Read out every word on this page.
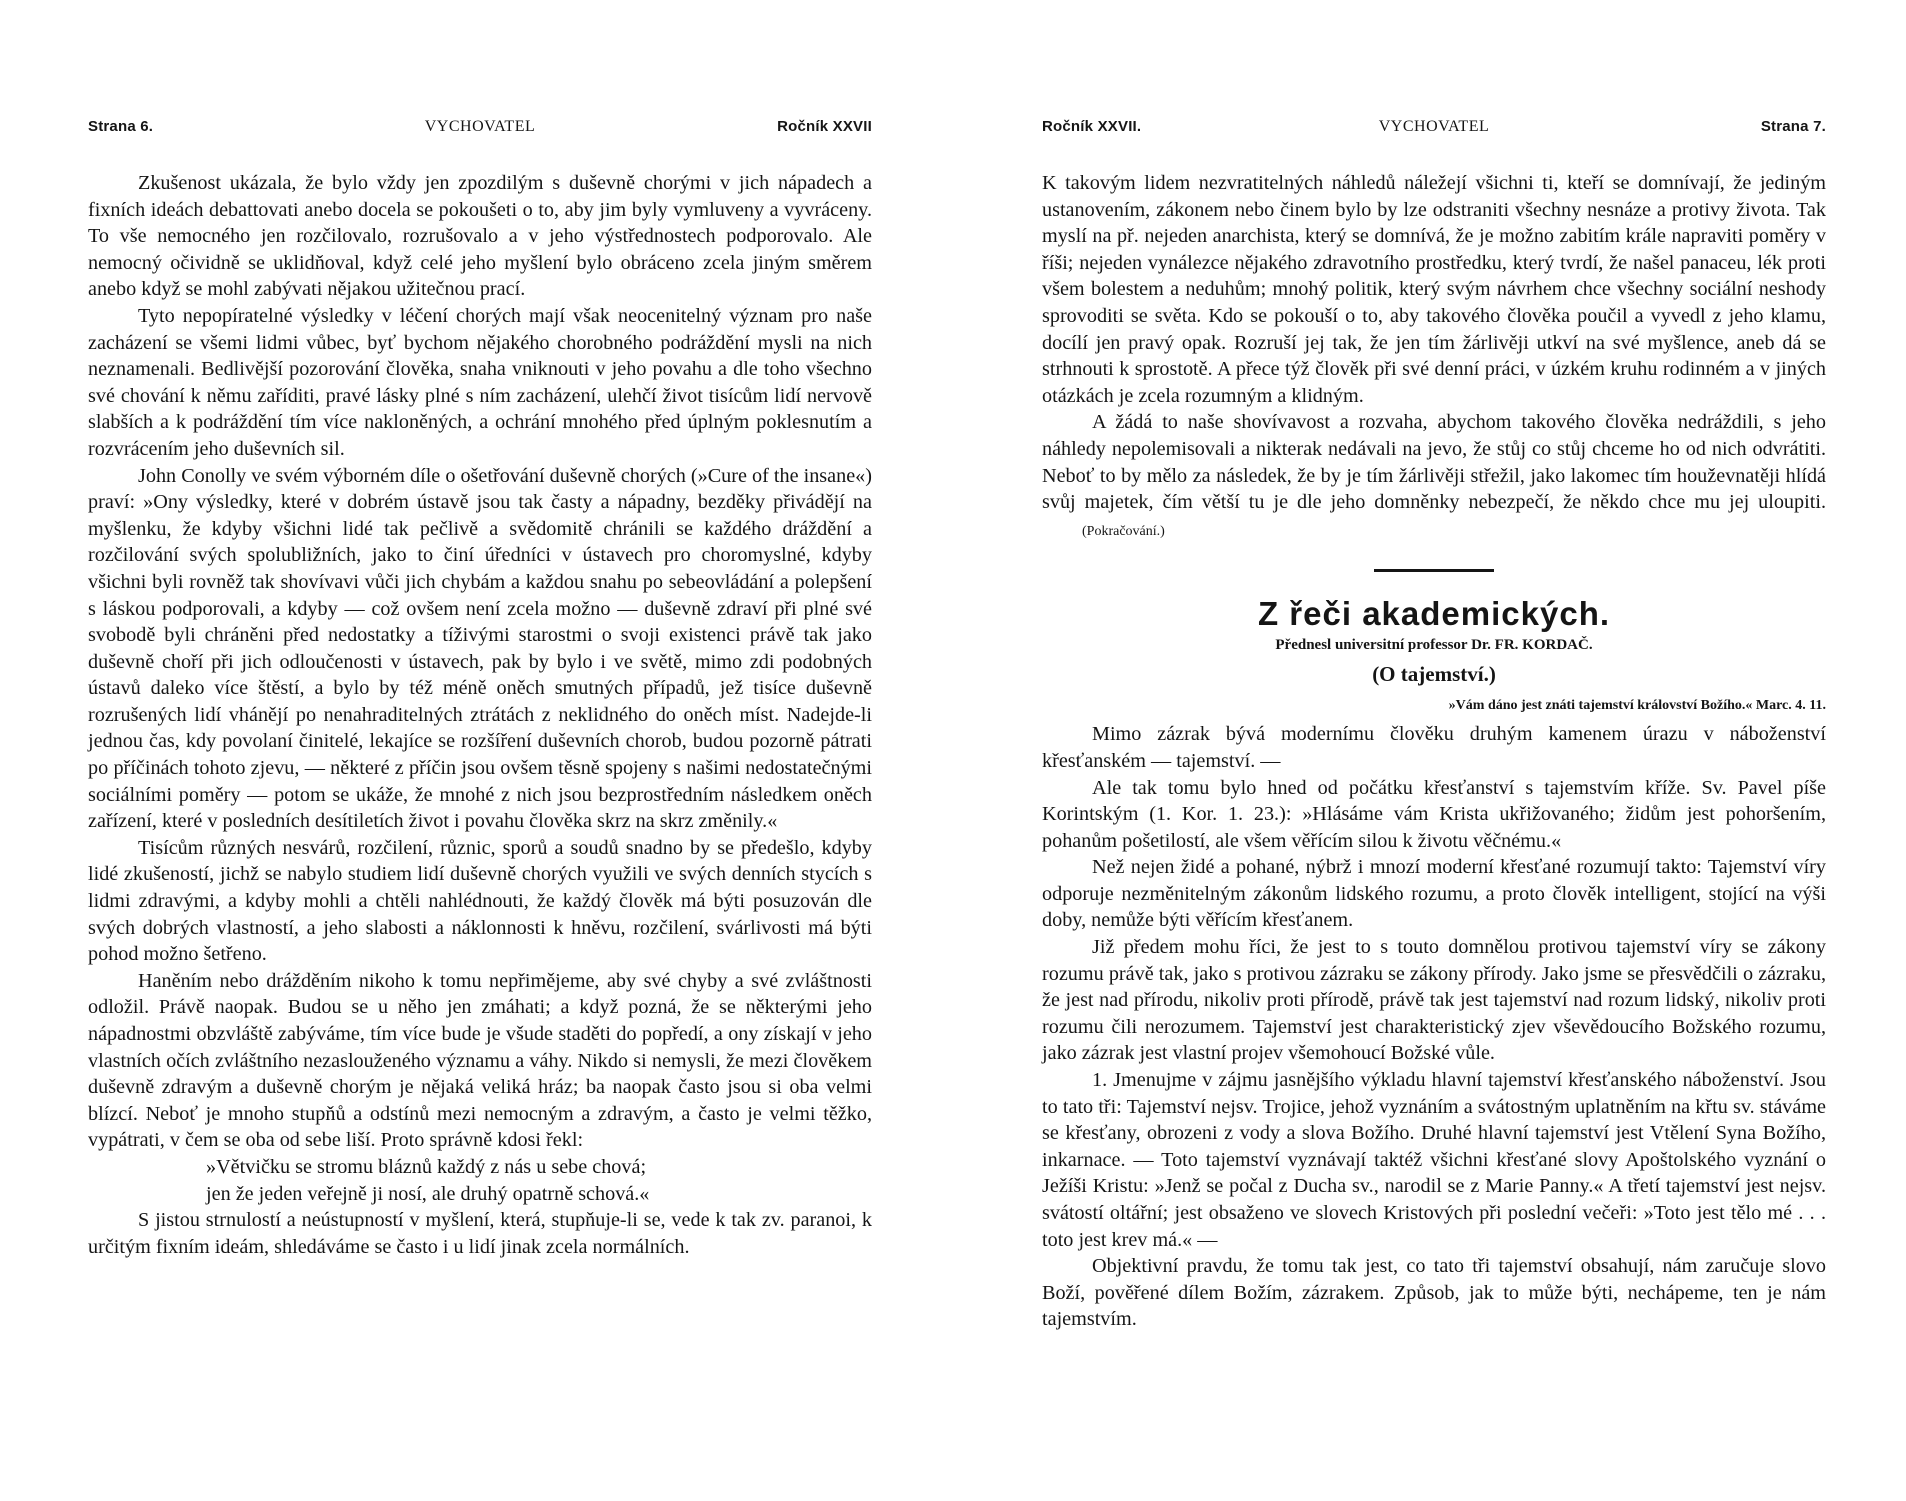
Strana 6.	VYCHOVATEL	Ročník XXVII

Zkušenost ukázala, že bylo vždy jen zpozdilým s duševně chorými v jich nápadech a fixních ideách debattovati anebo docela se pokoušeti o to, aby jim byly vymluveny a vyvráceny. To vše nemocného jen rozčilovalo, rozrušovalo a v jeho výstřednostech podporovalo. Ale nemocný očividně se uklidňoval, když celé jeho myšlení bylo obráceno zcela jiným směrem anebo když se mohl zabývati nějakou užitečnou prací.

Tyto nepopíratelné výsledky v léčení chorých mají však neocenitelný význam pro naše zacházení se všemi lidmi vůbec, byť bychom nějakého chorobného podráždění mysli na nich neznamenali. Bedlivější pozorování člověka, snaha vniknouti v jeho povahu a dle toho všechno své chování k němu zaříditi, pravé lásky plné s ním zacházení, ulehčí život tisícům lidí nervově slabších a k podráždění tím více nakloněných, a ochrání mnohého před úplným poklesnutím a rozvrácením jeho duševních sil.

John Conolly ve svém výborném díle o ošetřování duševně chorých (»Cure of the insane«) praví: »Ony výsledky, které v dobrém ústavě jsou tak časty a nápadny, bezděky přivádějí na myšlenku, že kdyby všichni lidé tak pečlivě a svědomitě chránili se každého dráždění a rozčilování svých spolubližních, jako to činí úředníci v ústavech pro choromyslné, kdyby všichni byli rovněž tak shovívavi vůči jich chybám a každou snahu po sebeovládání a polepšení s láskou podporovali, a kdyby — což ovšem není zcela možno — duševně zdraví při plné své svobodě byli chráněni před nedostatky a tíživými starostmi o svoji existenci právě tak jako duševně choří při jich odloučenosti v ústavech, pak by bylo i ve světě, mimo zdi podobných ústavů daleko více štěstí, a bylo by též méně oněch smutných případů, jež tisíce duševně rozrušených lidí vhánějí po nenahraditelných ztrátách z neklidného do oněch míst. Nadejde-li jednou čas, kdy povolaní činitelé, lekajíce se rozšíření duševních chorob, budou pozorně pátrati po příčinách tohoto zjevu, — některé z příčin jsou ovšem těsně spojeny s našimi nedostatečnými sociálními poměry — potom se ukáže, že mnohé z nich jsou bezprostředním následkem oněch zařízení, které v posledních desítiletích život i povahu člověka skrz na skrz změnily.«

Tisícům různých nesvárů, rozčilení, různic, sporů a soudů snadno by se předešlo, kdyby lidé zkušeností, jichž se nabylo studiem lidí duševně chorých využili ve svých denních stycích s lidmi zdravými, a kdyby mohli a chtěli nahlédnouti, že každý člověk má býti posuzován dle svých dobrých vlastností, a jeho slabosti a náklonnosti k hněvu, rozčilení, svárlivosti má býti pohod možno šetřeno.

Haněním nebo drážděním nikoho k tomu nepřimějeme, aby své chyby a své zvláštnosti odložil. Právě naopak. Budou se u něho jen zmáhati; a když pozná, že se některými jeho nápadnostmi obzvláště zabýváme, tím více bude je všude staděti do popředí, a ony získají v jeho vlastních očích zvláštního nezaslouženého významu a váhy. Nikdo si nemysli, že mezi člověkem duševně zdravým a duševně chorým je nějaká veliká hráz; ba naopak často jsou si oba velmi blízcí. Neboť je mnoho stupňů a odstínů mezi nemocným a zdravým, a často je velmi těžko, vypátrati, v čem se oba od sebe liší. Proto správně kdosi řekl:

»Větvičku se stromu bláznů každý z nás u sebe chová;
jen že jeden veřejně ji nosí, ale druhý opatrně schová.«

S jistou strnulostí a neústupností v myšlení, která, stupňuje-li se, vede k tak zv. paranoi, k určitým fixním ideám, shledáváme se často i u lidí jinak zcela normálních.

Ročník XXVII.	VYCHOVATEL	Strana 7.

K takovým lidem nezvratitelných náhledů náležejí všichni ti, kteří se domnívají, že jediným ustanovením, zákonem nebo činem bylo by lze odstraniti všechny nesnáze a protivy života. Tak myslí na př. nejeden anarchista, který se domnívá, že je možno zabitím krále napraviti poměry v říši; nejeden vynálezce nějakého zdravotního prostředku, který tvrdí, že našel panaceu, lék proti všem bolestem a neduhům; mnohý politik, který svým návrhem chce všechny sociální neshody sprovoditi se světa. Kdo se pokouší o to, aby takového člověka poučil a vyvedl z jeho klamu, docílí jen pravý opak. Rozruší jej tak, že jen tím žárlivěji utkví na své myšlence, aneb dá se strhnouti k sprostotě. A přece týž člověk při své denní práci, v úzkém kruhu rodinném a v jiných otázkách je zcela rozumným a klidným.

A žádá to naše shovívavost a rozvaha, abychom takového člověka nedráždili, s jeho náhledy nepolemisovali a nikterak nedávali na jevo, že stůj co stůj chceme ho od nich odvrátiti. Neboť to by mělo za následek, že by je tím žárlivěji střežil, jako lakomec tím houževnatěji hlídá svůj majetek, čím větší tu je dle jeho domněnky nebezpečí, že někdo chce mu jej uloupiti. (Pokračování.)

Z řeči akademických.
Přednesl universitní professor Dr. FR. KORDAČ.
(O tajemství.)
»Vám dáno jest znáti tajemství království Božího.« Marc. 4. 11.

Mimo zázrak bývá modernímu člověku druhým kamenem úrazu v náboženství křesťanském — tajemství. —

Ale tak tomu bylo hned od počátku křesťanství s tajemstvím kříže. Sv. Pavel píše Korintským (1. Kor. 1. 23.): »Hlásáme vám Krista ukřižovaného; židům jest pohoršením, pohanům pošetilostí, ale všem věřícím silou k životu věčnému.«

Než nejen židé a pohané, nýbrž i mnozí moderní křesťané rozumují takto: Tajemství víry odporuje nezměnitelným zákonům lidského rozumu, a proto člověk intelligent, stojící na výši doby, nemůže býti věřícím křesťanem.

Již předem mohu říci, že jest to s touto domnělou protivou tajemství víry se zákony rozumu právě tak, jako s protivou zázraku se zákony přírody. Jako jsme se přesvědčili o zázraku, že jest nad přírodu, nikoliv proti přírodě, právě tak jest tajemství nad rozum lidský, nikoliv proti rozumu čili nerozumem. Tajemství jest charakteristický zjev vševědoucího Božského rozumu, jako zázrak jest vlastní projev všemohoucí Božské vůle.

1. Jmenujme v zájmu jasnějšího výkladu hlavní tajemství křesťanského náboženství. Jsou to tato tři: Tajemství nejsv. Trojice, jehož vyznáním a svátostným uplatněním na křtu sv. stáváme se křesťany, obrozeni z vody a slova Božího. Druhé hlavní tajemství jest Vtělení Syna Božího, inkarnace. — Toto tajemství vyznávají taktéž všichni křesťané slovy Apoštolského vyznání o Ježíši Kristu: »Jenž se počal z Ducha sv., narodil se z Marie Panny.« A třetí tajemství jest nejsv. svátostí oltářní; jest obsaženo ve slovech Kristových při poslední večeři: »Toto jest tělo mé . . . toto jest krev má.« —

Objektivní pravdu, že tomu tak jest, co tato tři tajemství obsahují, nám zaručuje slovo Boží, pověřené dílem Božím, zázrakem. Způsob, jak to může býti, nechápeme, ten je nám tajemstvím.
